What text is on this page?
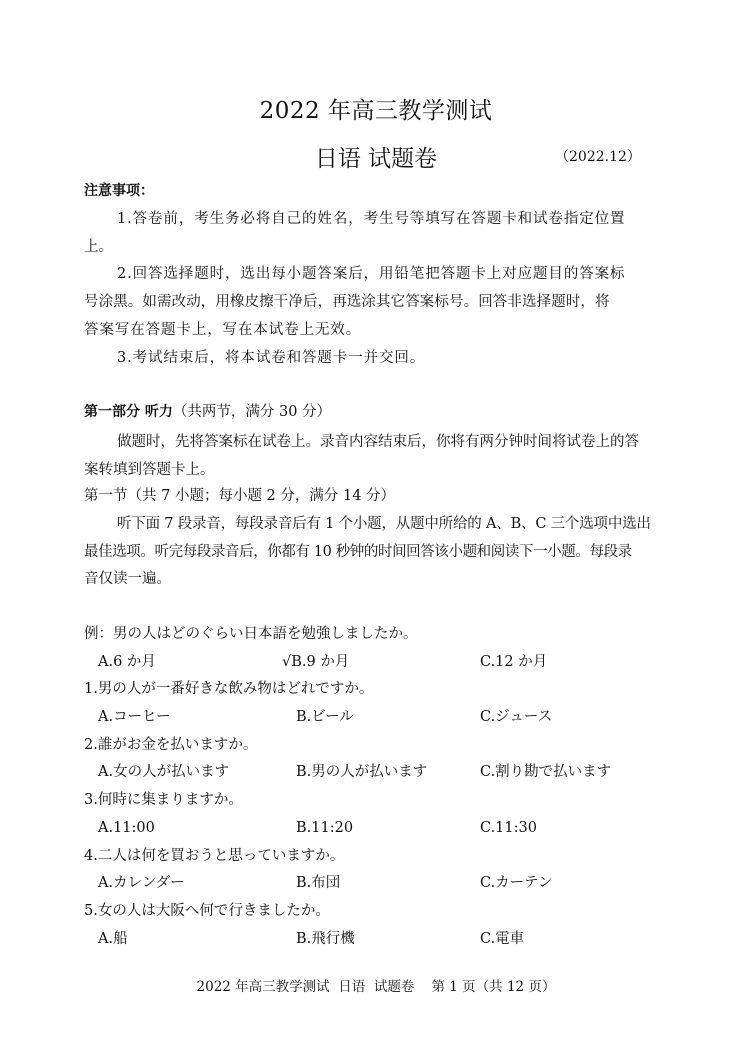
2022 年高三教学测试
日语 试题卷	（2022.12）
注意事项：
1.答卷前，考生务必将自己的姓名，考生号等填写在答题卡和试卷指定位置
上。
2.回答选择题时，选出每小题答案后，用铅笔把答题卡上对应题目的答案标
号涂黑。如需改动，用橡皮擦干净后，再选涂其它答案标号。回答非选择题时，将
答案写在答题卡上，写在本试卷上无效。
3.考试结束后，将本试卷和答题卡一并交回。
第一部分 听力（共两节，满分 30 分）
做题时，先将答案标在试卷上。录音内容结束后，你将有两分钟时间将试卷上的答
案转填到答题卡上。
第一节（共 7 小题；每小题 2 分，满分 14 分）
听下面 7 段录音，每段录音后有 1 个小题，从题中所给的 A、B、C 三个选项中选出
最佳选项。听完每段录音后，你都有 10 秒钟的时间回答该小题和阅读下一小题。每段录
音仅读一遍。
例：男の人はどのぐらい日本語を勉強しましたか。
A.6 か月	√B.9 か月	C.12 か月
1.男の人が一番好きな飲み物はどれですか。
A.コーヒー	B.ビール	C.ジュース
2.誰がお金を払いますか。
A.女の人が払います	B.男の人が払います	C.割り勘で払います
3.何時に集まりますか。
A.11:00	B.11:20	C.11:30
4.二人は何を買おうと思っていますか。
A.カレンダー	B.布団	C.カーテン
5.女の人は大阪へ何で行きましたか。
A.船	B.飛行機	C.電車
2022 年高三教学测试  日语  试题卷    第 1 页（共 12 页）
